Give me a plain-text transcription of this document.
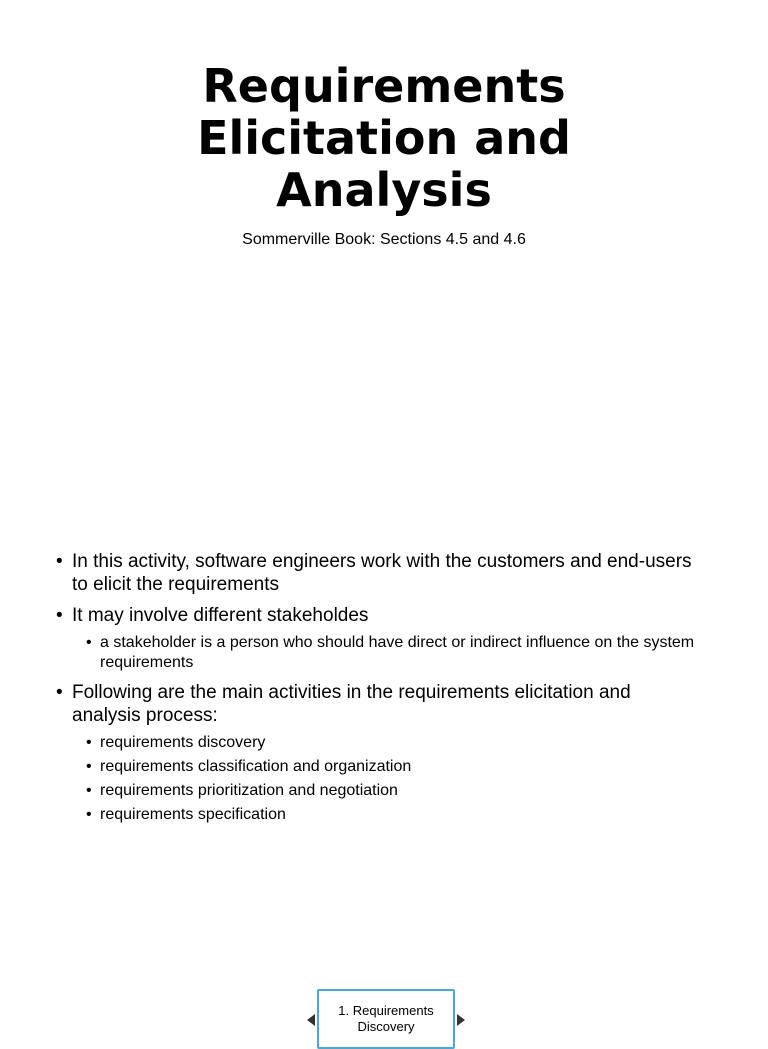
Requirements
Elicitation and
Analysis
Sommerville Book: Sections 4.5 and 4.6
• In this activity, software engineers work with the customers and end-users to elicit the requirements
• It may involve different stakeholdes
• a stakeholder is a person who should have direct or indirect influence on the system requirements
• Following are the main activities in the requirements elicitation and analysis process:
• requirements discovery
• requirements classification and organization
• requirements prioritization and negotiation
• requirements specification
1. Requirements
Discovery
